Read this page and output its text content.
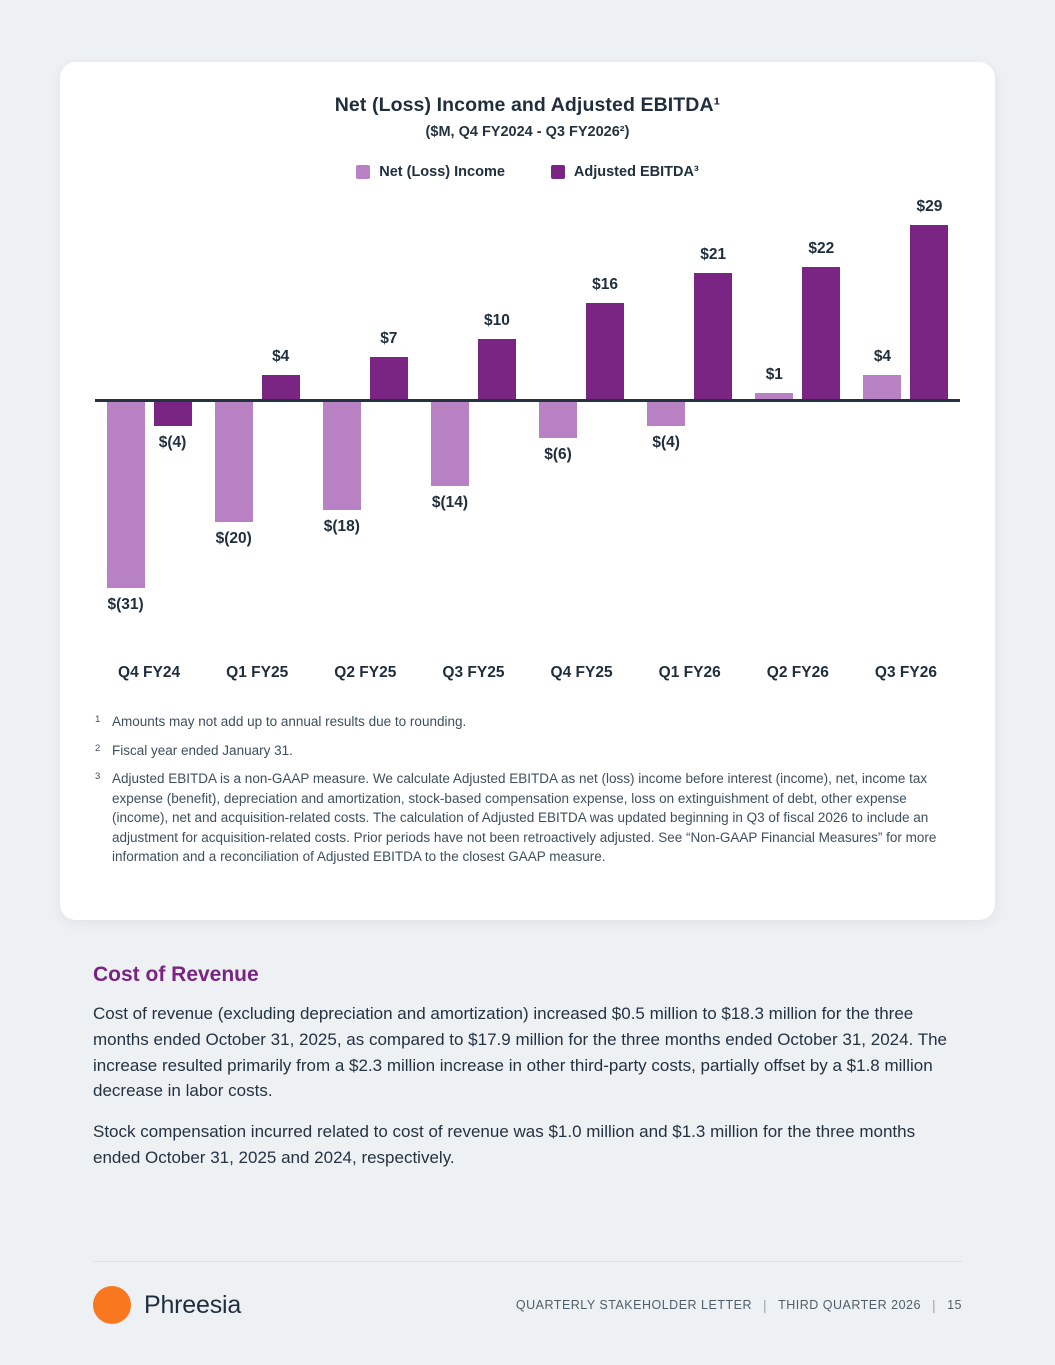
Net (Loss) Income and Adjusted EBITDA¹
($M, Q4 FY2024 - Q3 FY2026²)
Net (Loss) Income	Adjusted EBITDA³
$(31)
$(4)
$(20)
$4
$(18)
$7
$(14)
$10
$(6)
$16
$(4)
$21
$1
$22
$4
$29
Q4 FY24	Q1 FY25	Q2 FY25	Q3 FY25	Q4 FY25	Q1 FY26	Q2 FY26	Q3 FY26
1 Amounts may not add up to annual results due to rounding.
2 Fiscal year ended January 31.
3 Adjusted EBITDA is a non-GAAP measure. We calculate Adjusted EBITDA as net (loss) income before interest (income), net, income tax expense (benefit), depreciation and amortization, stock-based compensation expense, loss on extinguishment of debt, other expense (income), net and acquisition-related costs. The calculation of Adjusted EBITDA was updated beginning in Q3 of fiscal 2026 to include an adjustment for acquisition-related costs. Prior periods have not been retroactively adjusted. See “Non-GAAP Financial Measures” for more information and a reconciliation of Adjusted EBITDA to the closest GAAP measure.
Cost of Revenue

Cost of revenue (excluding depreciation and amortization) increased $0.5 million to $18.3 million for the three months ended October 31, 2025, as compared to $17.9 million for the three months ended October 31, 2024. The increase resulted primarily from a $2.3 million increase in other third-party costs, partially offset by a $1.8 million decrease in labor costs.

Stock compensation incurred related to cost of revenue was $1.0 million and $1.3 million for the three months ended October 31, 2025 and 2024, respectively.

Phreesia	QUARTERLY STAKEHOLDER LETTER | THIRD QUARTER 2026 | 15
